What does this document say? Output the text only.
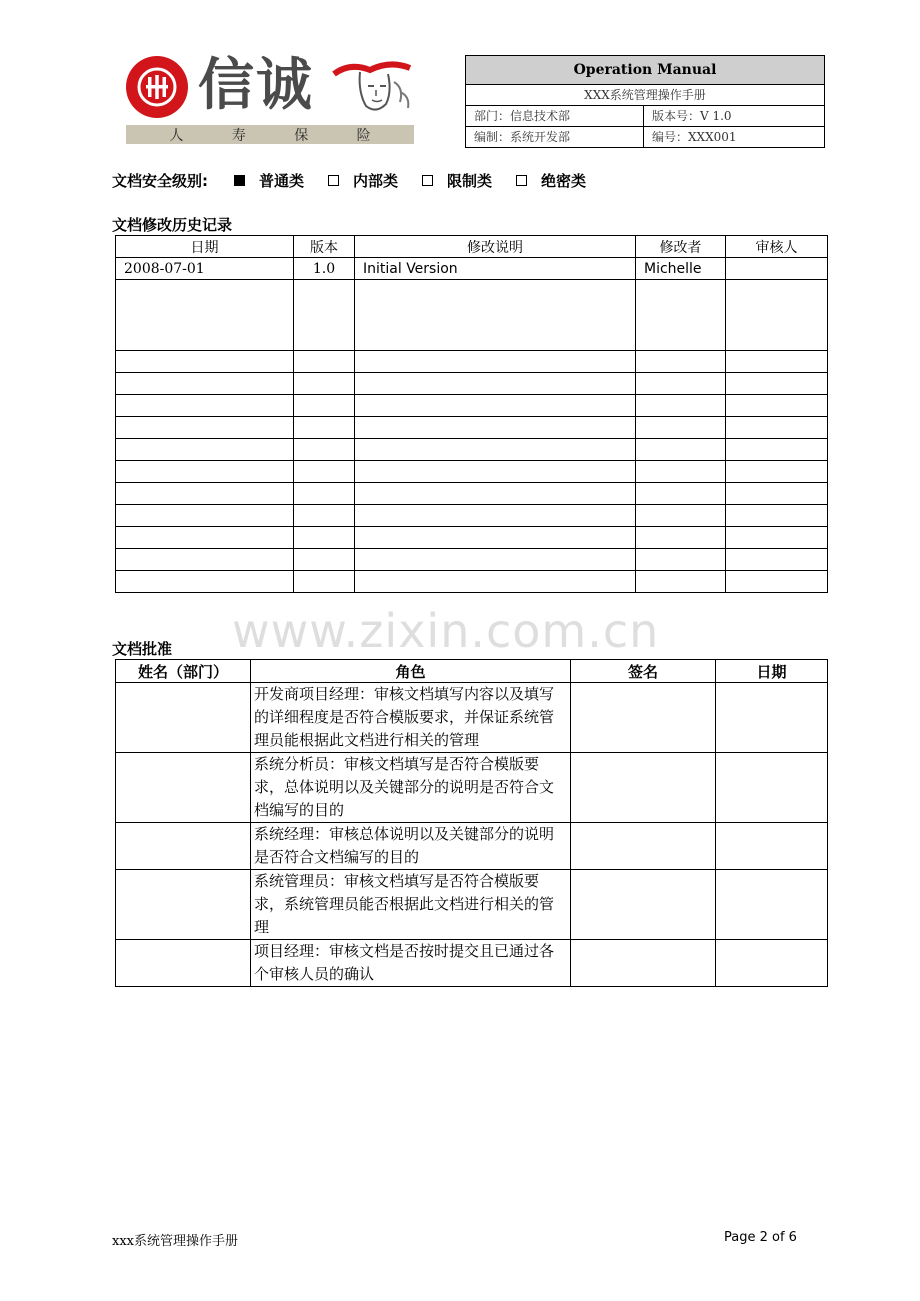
信诚
人 寿 保 险
Operation Manual
XXX系统管理操作手册
部门：信息技术部	版本号：V 1.0
编制：系统开发部	编号：XXX001
文档安全级别:	普通类	内部类	限制类	绝密类
文档修改历史记录
日期	版本	修改说明	修改者	审核人
2008-07-01	1.0	Initial Version	Michelle	

www.zixin.com.cn
文档批准
姓名（部门）	角色	签名	日期
	开发商项目经理：审核文档填写内容以及填写的详细程度是否符合模版要求，并保证系统管理员能根据此文档进行相关的管理		
	系统分析员：审核文档填写是否符合模版要求，总体说明以及关键部分的说明是否符合文档编写的目的		
	系统经理：审核总体说明以及关键部分的说明是否符合文档编写的目的		
	系统管理员：审核文档填写是否符合模版要求，系统管理员能否根据此文档进行相关的管理		
	项目经理：审核文档是否按时提交且已通过各个审核人员的确认		
xxx系统管理操作手册	Page 2 of 6
